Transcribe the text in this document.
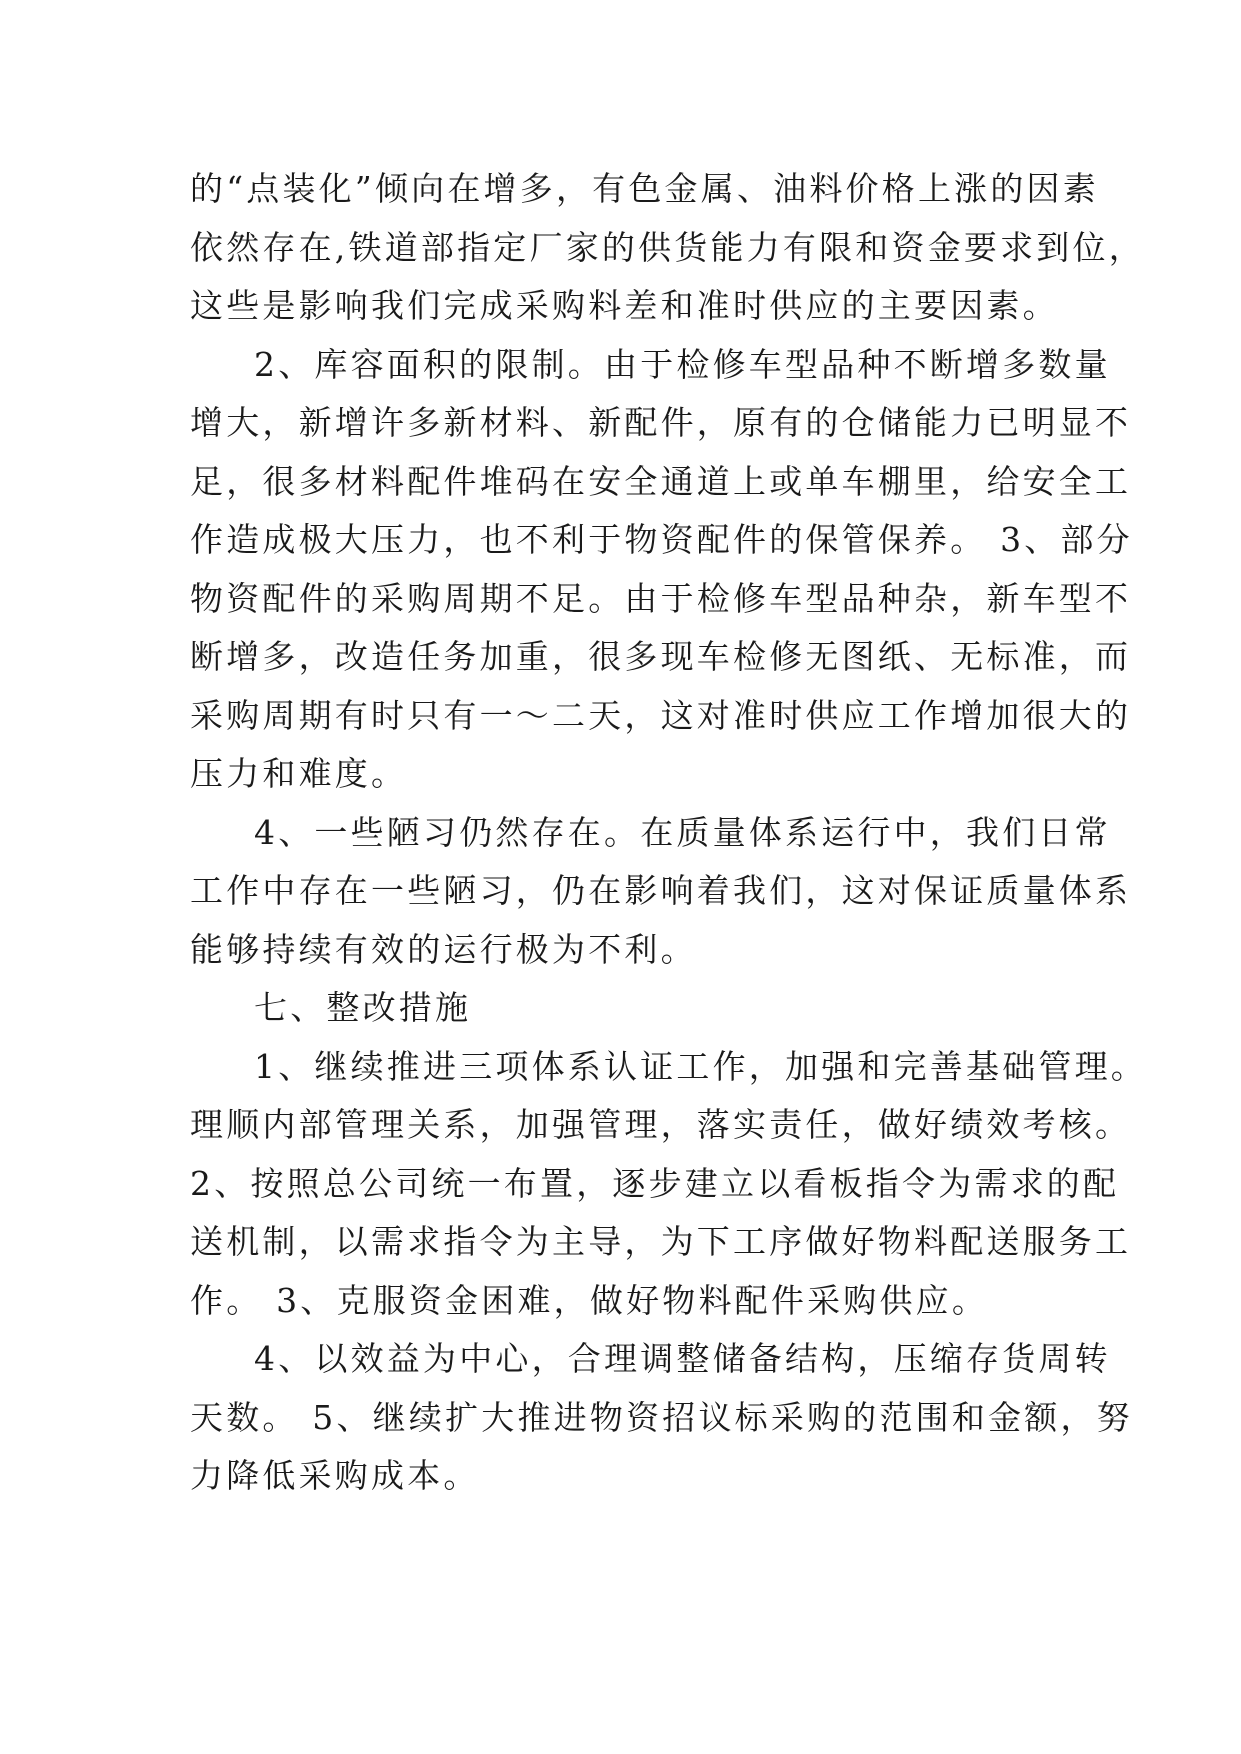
的“点装化”倾向在增多，有色金属、油料价格上涨的因素
依然存在,铁道部指定厂家的供货能力有限和资金要求到位，
这些是影响我们完成采购料差和准时供应的主要因素。
2、库容面积的限制。由于检修车型品种不断增多数量
增大，新增许多新材料、新配件，原有的仓储能力已明显不
足，很多材料配件堆码在安全通道上或单车棚里，给安全工
作造成极大压力，也不利于物资配件的保管保养。 3、部分
物资配件的采购周期不足。由于检修车型品种杂，新车型不
断增多，改造任务加重，很多现车检修无图纸、无标准，而
采购周期有时只有一～二天，这对准时供应工作增加很大的
压力和难度。
4、一些陋习仍然存在。在质量体系运行中，我们日常
工作中存在一些陋习，仍在影响着我们，这对保证质量体系
能够持续有效的运行极为不利。
七、整改措施
1、继续推进三项体系认证工作，加强和完善基础管理。
理顺内部管理关系，加强管理，落实责任，做好绩效考核。
2、按照总公司统一布置，逐步建立以看板指令为需求的配
送机制，以需求指令为主导，为下工序做好物料配送服务工
作。 3、克服资金困难，做好物料配件采购供应。
4、以效益为中心，合理调整储备结构，压缩存货周转
天数。 5、继续扩大推进物资招议标采购的范围和金额，努
力降低采购成本。
